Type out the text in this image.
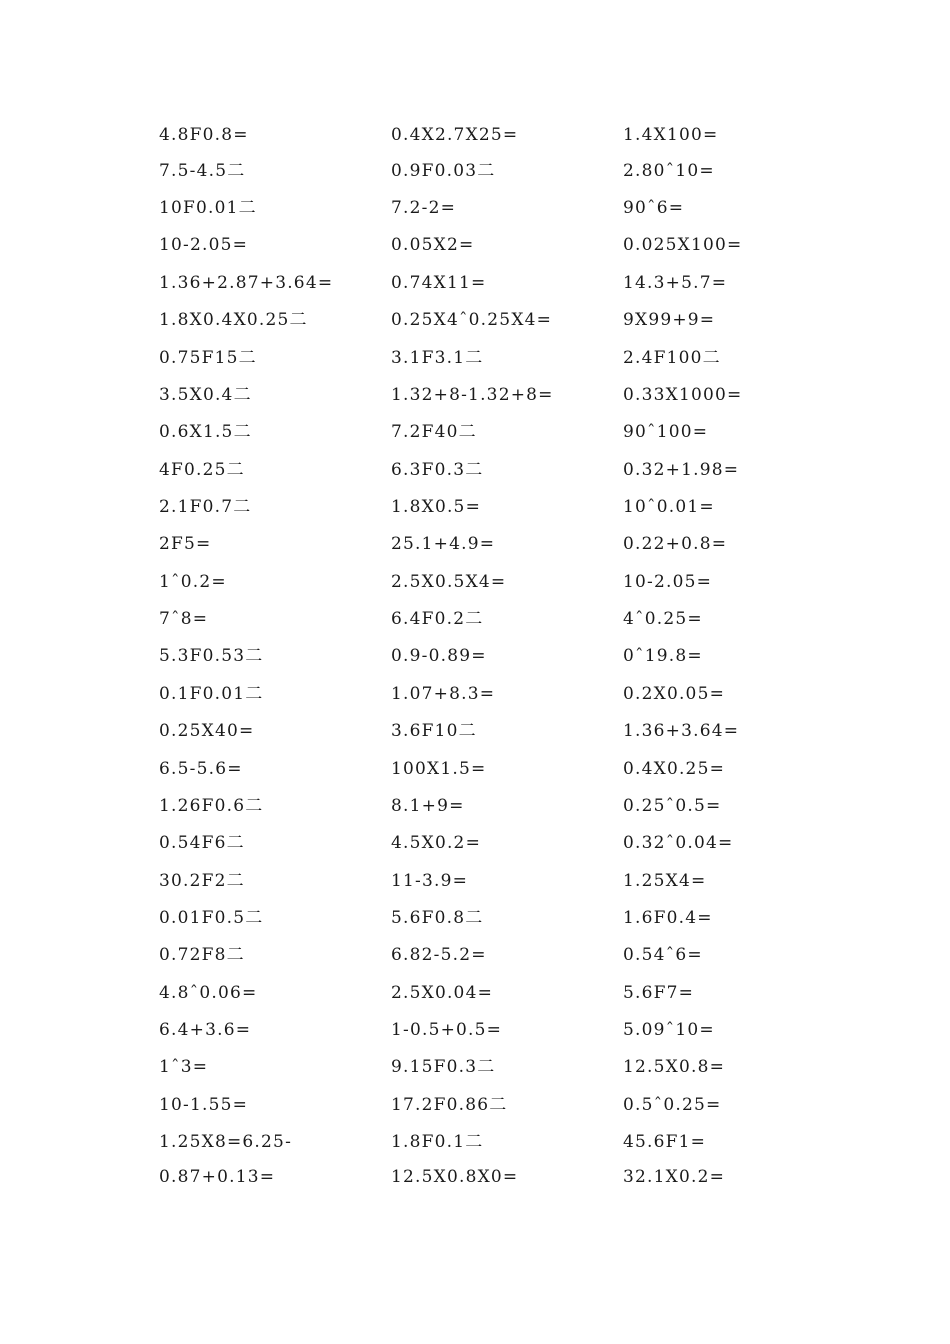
4.8F0.8=	0.4X2.7X25=	1.4X100=
7.5-4.5二	0.9F0.03二	2.80ˆ10=
10F0.01二	7.2-2=	90ˆ6=
10-2.05=	0.05X2=	0.025X100=
1.36+2.87+3.64=	0.74X11=	14.3+5.7=
1.8X0.4X0.25二	0.25X4ˆ0.25X4=	9X99+9=
0.75F15二	3.1F3.1二	2.4F100二
3.5X0.4二	1.32+8-1.32+8=	0.33X1000=
0.6X1.5二	7.2F40二	90ˆ100=
4F0.25二	6.3F0.3二	0.32+1.98=
2.1F0.7二	1.8X0.5=	10ˆ0.01=
2F5=	25.1+4.9=	0.22+0.8=
1ˆ0.2=	2.5X0.5X4=	10-2.05=
7ˆ8=	6.4F0.2二	4ˆ0.25=
5.3F0.53二	0.9-0.89=	0ˆ19.8=
0.1F0.01二	1.07+8.3=	0.2X0.05=
0.25X40=	3.6F10二	1.36+3.64=
6.5-5.6=	100X1.5=	0.4X0.25=
1.26F0.6二	8.1+9=	0.25ˆ0.5=
0.54F6二	4.5X0.2=	0.32ˆ0.04=
30.2F2二	11-3.9=	1.25X4=
0.01F0.5二	5.6F0.8二	1.6F0.4=
0.72F8二	6.82-5.2=	0.54ˆ6=
4.8ˆ0.06=	2.5X0.04=	5.6F7=
6.4+3.6=	1-0.5+0.5=	5.09ˆ10=
1ˆ3=	9.15F0.3二	12.5X0.8=
10-1.55=	17.2F0.86二	0.5ˆ0.25=
1.25X8=6.25-	1.8F0.1二	45.6F1=
0.87+0.13=	12.5X0.8X0=	32.1X0.2=
